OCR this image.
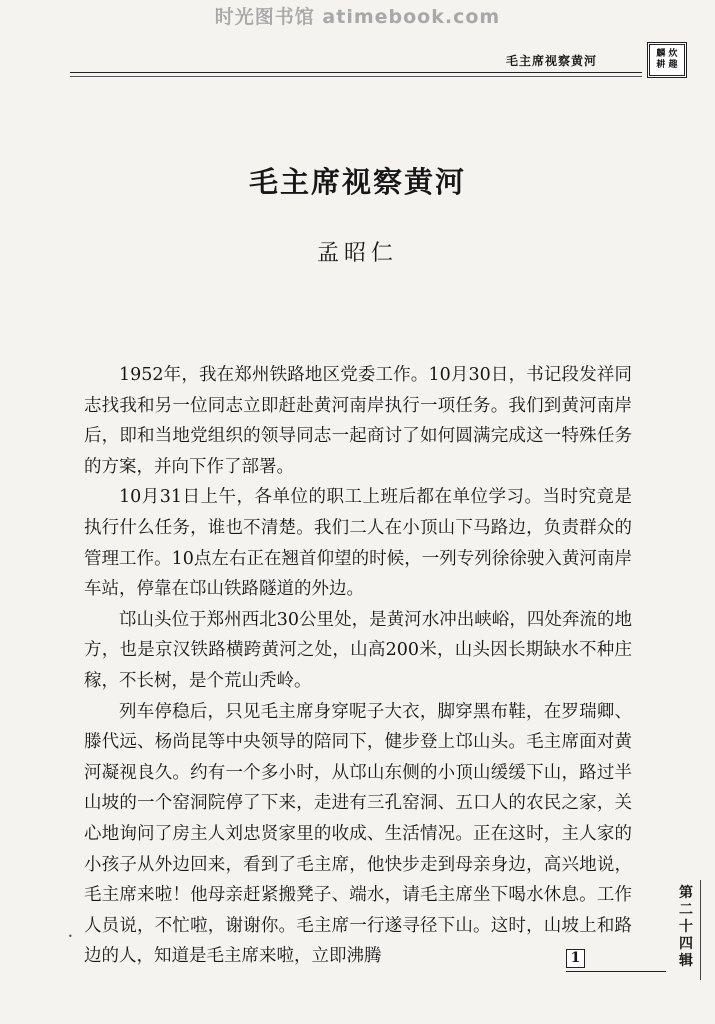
时光图书馆 atimebook.com
毛主席视察黄河	麟 炊
耕 趣
毛主席视察黄河
孟昭仁

1952年，我在郑州铁路地区党委工作。10月30日，书记段发祥同志找我和另一位同志立即赶赴黄河南岸执行一项任务。我们到黄河南岸后，即和当地党组织的领导同志一起商讨了如何圆满完成这一特殊任务的方案，并向下作了部署。

10月31日上午，各单位的职工上班后都在单位学习。当时究竟是执行什么任务，谁也不清楚。我们二人在小顶山下马路边，负责群众的管理工作。10点左右正在翘首仰望的时候，一列专列徐徐驶入黄河南岸车站，停靠在邙山铁路隧道的外边。

邙山头位于郑州西北30公里处，是黄河水冲出峡峪，四处奔流的地方，也是京汉铁路横跨黄河之处，山高200米，山头因长期缺水不种庄稼，不长树，是个荒山秃岭。

列车停稳后，只见毛主席身穿呢子大衣，脚穿黑布鞋，在罗瑞卿、滕代远、杨尚昆等中央领导的陪同下，健步登上邙山头。毛主席面对黄河凝视良久。约有一个多小时，从邙山东侧的小顶山缓缓下山，路过半山坡的一个窑洞院停了下来，走进有三孔窑洞、五口人的农民之家，关心地询问了房主人刘忠贤家里的收成、生活情况。正在这时，主人家的小孩子从外边回来，看到了毛主席，他快步走到母亲身边，高兴地说，毛主席来啦！他母亲赶紧搬凳子、端水，请毛主席坐下喝水休息。工作人员说，不忙啦，谢谢你。毛主席一行遂寻径下山。这时，山坡上和路边的人，知道是毛主席来啦，立即沸腾

第
二
十
四
辑
1
•
